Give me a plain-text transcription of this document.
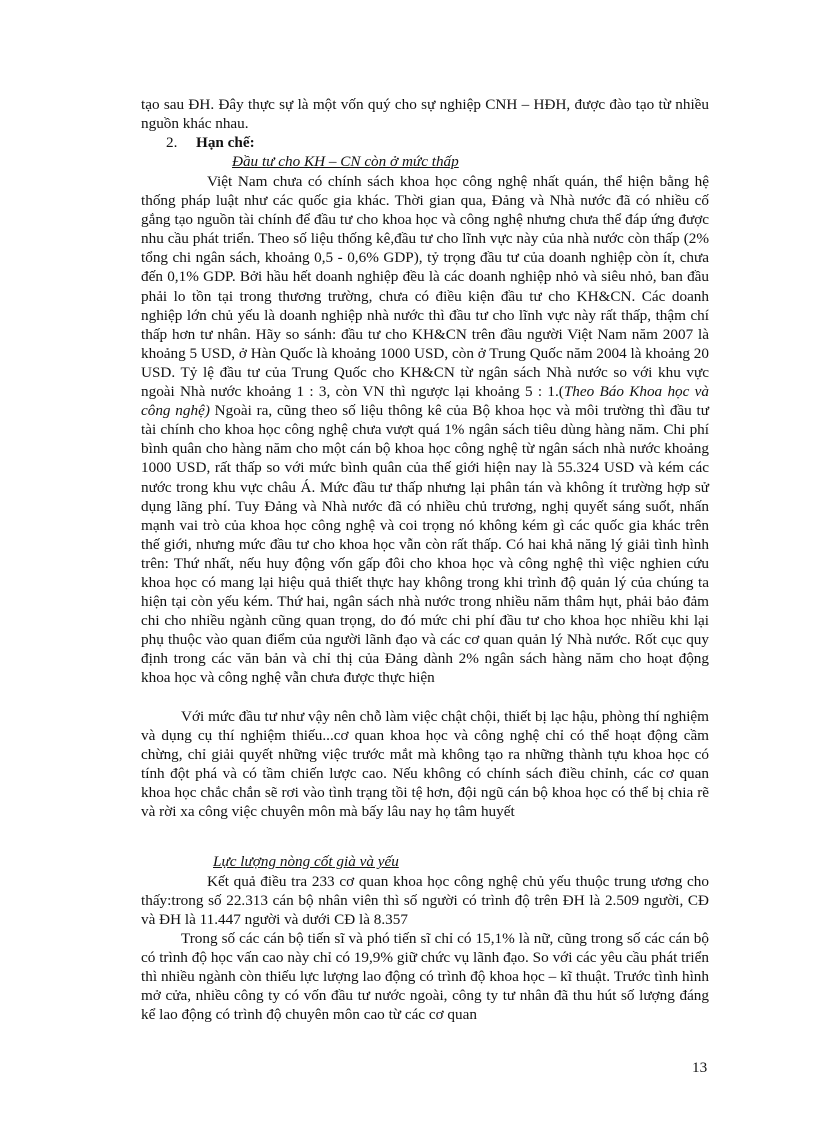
tạo sau ĐH. Đây thực sự là một vốn quý cho sự nghiệp CNH – HĐH, được đào tạo từ nhiều nguồn khác nhau.

2. Hạn chế:
Đầu tư cho KH – CN còn ở mức thấp

Việt Nam chưa có chính sách khoa học công nghệ nhất quán, thể hiện bằng hệ thống pháp luật như các quốc gia khác. Thời gian qua, Đảng và Nhà nước đã có nhiều cố gắng tạo nguồn tài chính để đầu tư cho khoa học và công nghệ nhưng chưa thể đáp ứng được nhu cầu phát triển. Theo số liệu thống kê,đầu tư cho lĩnh vực này của nhà nước còn thấp (2% tổng chi ngân sách, khoảng 0,5 - 0,6% GDP), tỷ trọng đầu tư của doanh nghiệp còn ít, chưa đến 0,1% GDP. Bởi hầu hết doanh nghiệp đều là các doanh nghiệp nhỏ và siêu nhỏ, ban đầu phải lo tồn tại trong thương trường, chưa có điều kiện đầu tư cho KH&CN. Các doanh nghiệp lớn chủ yếu là doanh nghiệp nhà nước thì đầu tư cho lĩnh vực này rất thấp, thậm chí thấp hơn tư nhân. Hãy so sánh: đầu tư cho KH&CN trên đầu người Việt Nam năm 2007 là khoảng 5 USD, ở Hàn Quốc là khoảng 1000 USD, còn ở Trung Quốc năm 2004 là khoảng 20 USD. Tỷ lệ đầu tư của Trung Quốc cho KH&CN từ ngân sách Nhà nước so với khu vực ngoài Nhà nước khoảng 1 : 3, còn VN thì ngược lại khoảng 5 : 1.(Theo Báo Khoa học và công nghệ) Ngoài ra, cũng theo số liệu thông kê của Bộ khoa học và môi trường thì đầu tư tài chính cho khoa học công nghệ chưa vượt quá 1% ngân sách tiêu dùng hàng năm. Chi phí bình quân cho hàng năm cho một cán bộ khoa học công nghệ từ ngân sách nhà nước khoảng 1000 USD, rất thấp so với mức bình quân của thế giới hiện nay là 55.324 USD và kém các nước trong khu vực châu Á. Mức đầu tư thấp nhưng lại phân tán và không ít trường hợp sử dụng lãng phí. Tuy Đảng và Nhà nước đã có nhiều chủ trương, nghị quyết sáng suốt, nhấn mạnh vai trò của khoa học công nghệ và coi trọng nó không kém gì các quốc gia khác trên thế giới, nhưng mức đầu tư cho khoa học vẫn còn rất thấp. Có hai khả năng lý giải tình hình trên: Thứ nhất, nếu huy động vốn gấp đôi cho khoa học và công nghệ thì việc nghien cứu khoa học có mang lại hiệu quả thiết thực hay không trong khi trình độ quản lý của chúng ta hiện tại còn yếu kém. Thứ hai, ngân sách nhà nước trong nhiều năm thâm hụt, phải bảo đảm chi cho nhiều ngành cũng quan trọng, do đó mức chi phí đầu tư cho khoa học nhiều khi lại phụ thuộc vào quan điểm của người lãnh đạo và các cơ quan quản lý Nhà nước. Rốt cục quy định trong các văn bản và chỉ thị của Đảng dành 2% ngân sách hàng năm cho hoạt động khoa học và công nghệ vẫn chưa được thực hiện

Với mức đầu tư như vậy nên chỗ làm việc chật chội, thiết bị lạc hậu, phòng thí nghiệm và dụng cụ thí nghiệm thiếu...cơ quan khoa học và công nghệ chỉ có thể hoạt động cầm chừng, chỉ giải quyết những việc trước mắt mà không tạo ra những thành tựu khoa học có tính đột phá và có tầm chiến lược cao. Nếu không có chính sách điều chỉnh, các cơ quan khoa học chắc chắn sẽ rơi vào tình trạng tồi tệ hơn, đội ngũ cán bộ khoa học có thể bị chia rẽ và rời xa công việc chuyên môn mà bấy lâu nay họ tâm huyết

Lực lượng nòng cốt già và yếu

Kết quả điều tra 233 cơ quan khoa học công nghệ chủ yếu thuộc trung ương cho thấy:trong số 22.313 cán bộ nhân viên thì số người có trình độ trên ĐH là 2.509 người, CĐ và ĐH là 11.447 người và dưới CĐ là 8.357

Trong số các cán bộ tiến sĩ và phó tiến sĩ chỉ có 15,1% là nữ, cũng trong số các cán bộ có trình độ học vấn cao này chỉ có 19,9% giữ chức vụ lãnh đạo. So với các yêu cầu phát triển thì nhiều ngành còn thiếu lực lượng lao động có trình độ khoa học – kĩ thuật. Trước tình hình mở cửa, nhiều công ty có vốn đầu tư nước ngoài, công ty tư nhân đã thu hút số lượng đáng kể lao động có trình độ chuyên môn cao từ các cơ quan

13
